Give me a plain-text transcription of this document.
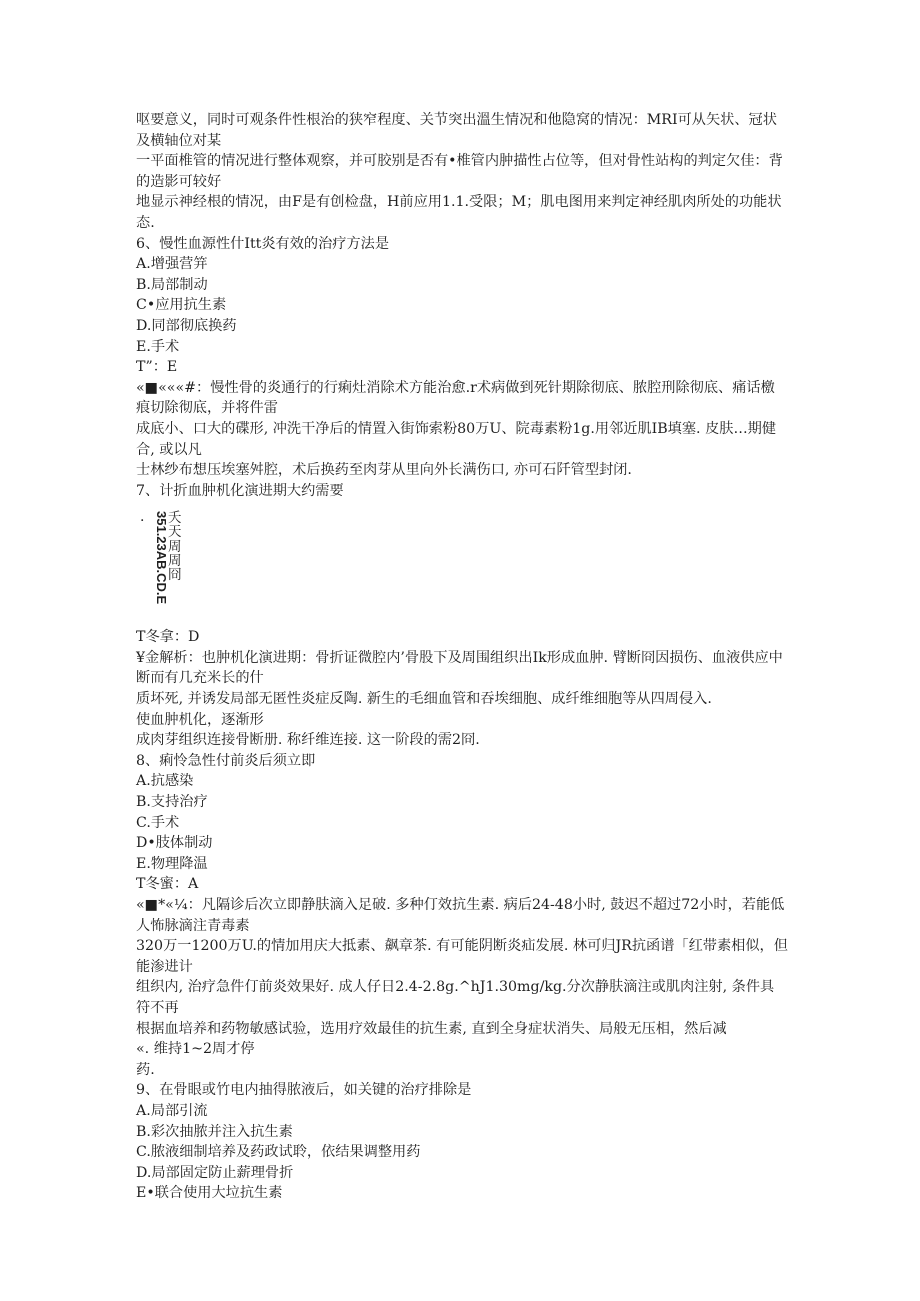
呕要意义，同时可观条件性根治的狭窄程度、关节突出溫生情况和他隐窝的情况：MRI可从矢状、冠状及横轴位对某
一平面椎管的情况进行整体观察，并可胶别是否有•椎管内肿描性占位等，但对骨性站构的判定欠佳：背的造影可较好
地显示神经根的情况，由F是有创检盘，H前应用1.1.受限；M；肌电图用来判定神经肌肉所处的功能状态.
6、慢性血源性什Itt炎有效的治疗方法是
A.增强营笄
B.局部制动
C•应用抗生素
D.同部彻底换药
E.手术
T”：E
«■«««#：慢性骨的炎通行的行痢灶消除术方能治愈.r术病做到死针期除彻底、脓腔刑除彻底、痛话檄痕切除彻底，并将件雷
成底小、口大的碟形, 冲洗干净后的情置入街饰索粉80万U、院毒素粉1g.用邻近肌IB填塞. 皮肤…期健合, 或以凡
士林纱布想压埃塞舛腔，术后换药至肉芽从里向外长满伤口, 亦可石阡管型封闭.
7、计折血肿机化演进期大约需要
· 351.23AB.CD.E 夭
天
周
周
冏
T冬拿：D
¥金解析：也肿机化演进期：骨折证微腔内’骨股下及周围组织出Ik形成血肿. 臂断冏因损伤、血液供应中断而有几充米长的什
质坏死, 并诱发局部无匿性炎症反陶. 新生的毛细血管和吞埃细胞、成纤维细胞等从四周侵入.
使血肿机化，逐渐形
成肉芽组织连接骨断册. 称纤维连接. 这一阶段的需2冏.
8、痢怜急性付前炎后须立即
A.抗感染
B.支持治疗
C.手术
D•肢体制动
E.物理降温
T冬蜜：A
«■*«¼：凡隔诊后次立即静肤滴入足破. 多种仃效抗生素. 病后24-48小时, 鼓迟不超过72小时，若能低人怖脉滴注青毒素
320万一1200万U.的情加用庆大抵素、飙章茶. 有可能阴断炎疝发展. 林可归JR抗函谱「红带素相似，但能渗进计
组织内, 治疗急件仃前炎效果好. 成人仔日2.4-2.8g.^hJ1.30mg/kg.分次静肤滴注或肌肉注射, 条件具符不再
根据血培养和药物敏感试验，选用疗效最佳的抗生素, 直到全身症状消失、局般无压相，然后减
«. 维持1~2周才停
药.
9、在骨眼或竹电内抽得脓液后，如关键的治疗排除是
A.局部引流
B.彩次抽脓并注入抗生素
C.脓液细制培养及药政试聆，依结果调整用药
D.局部固定防止薪理骨折
E•联合使用大垃抗生素
